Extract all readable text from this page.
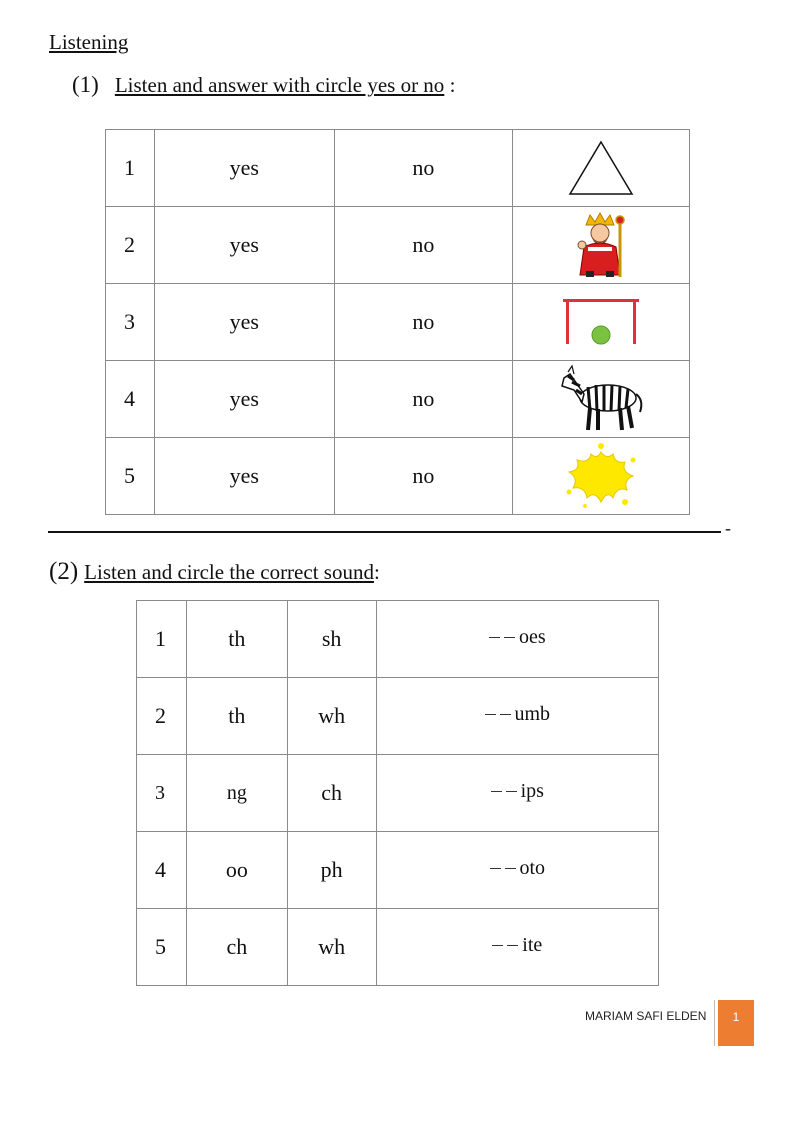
Listening
(1) Listen and answer with circle yes or no :
1	yes	no	

2	yes	no	

3	yes	no	

4	yes	no	

5	yes	no	
-
(2) Listen and circle the correct sound:
1	th	sh	oes
2	th	wh	umb
3	ng	ch	ips
4	oo	ph	oto
5	ch	wh	ite
MARIAM SAFI ELDEN	1
